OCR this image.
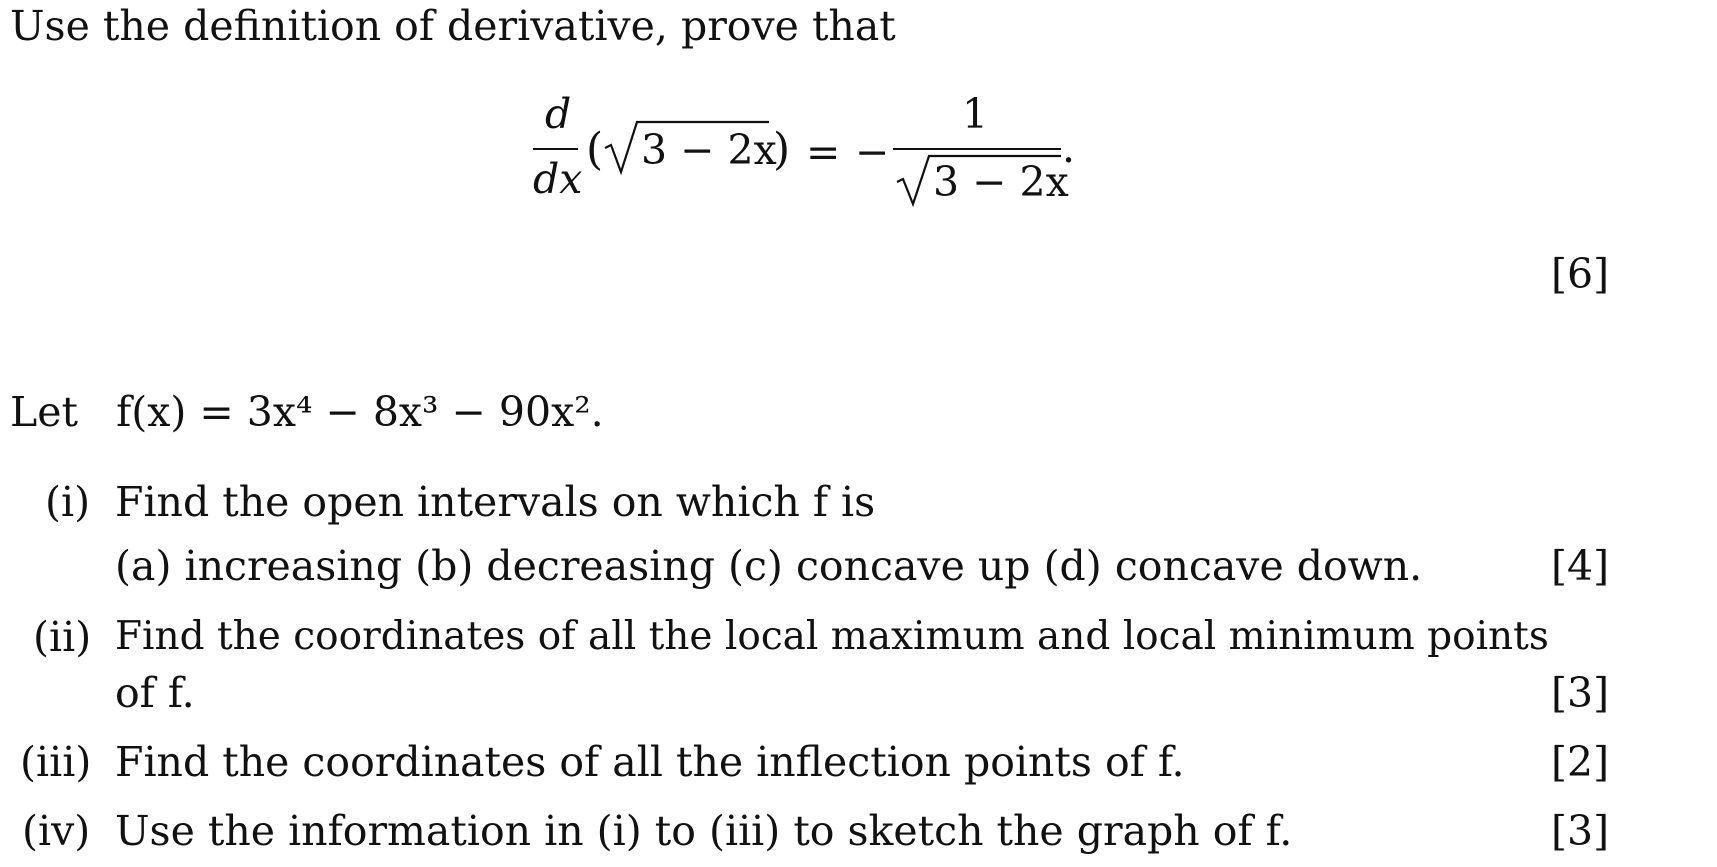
Use the definition of derivative, prove that
d
dx
( 3 − 2x
) = −
1
3 − 2x
.
[6]
Let f(x) = 3x⁴ − 8x³ − 90x².
(i) Find the open intervals on which f is
(a) increasing (b) decreasing (c) concave up (d) concave down.	[4]
(ii) Find the coordinates of all the local maximum and local minimum points
of f.	[3]
(iii) Find the coordinates of all the inflection points of f.	[2]
(iv) Use the information in (i) to (iii) to sketch the graph of f.	[3]
